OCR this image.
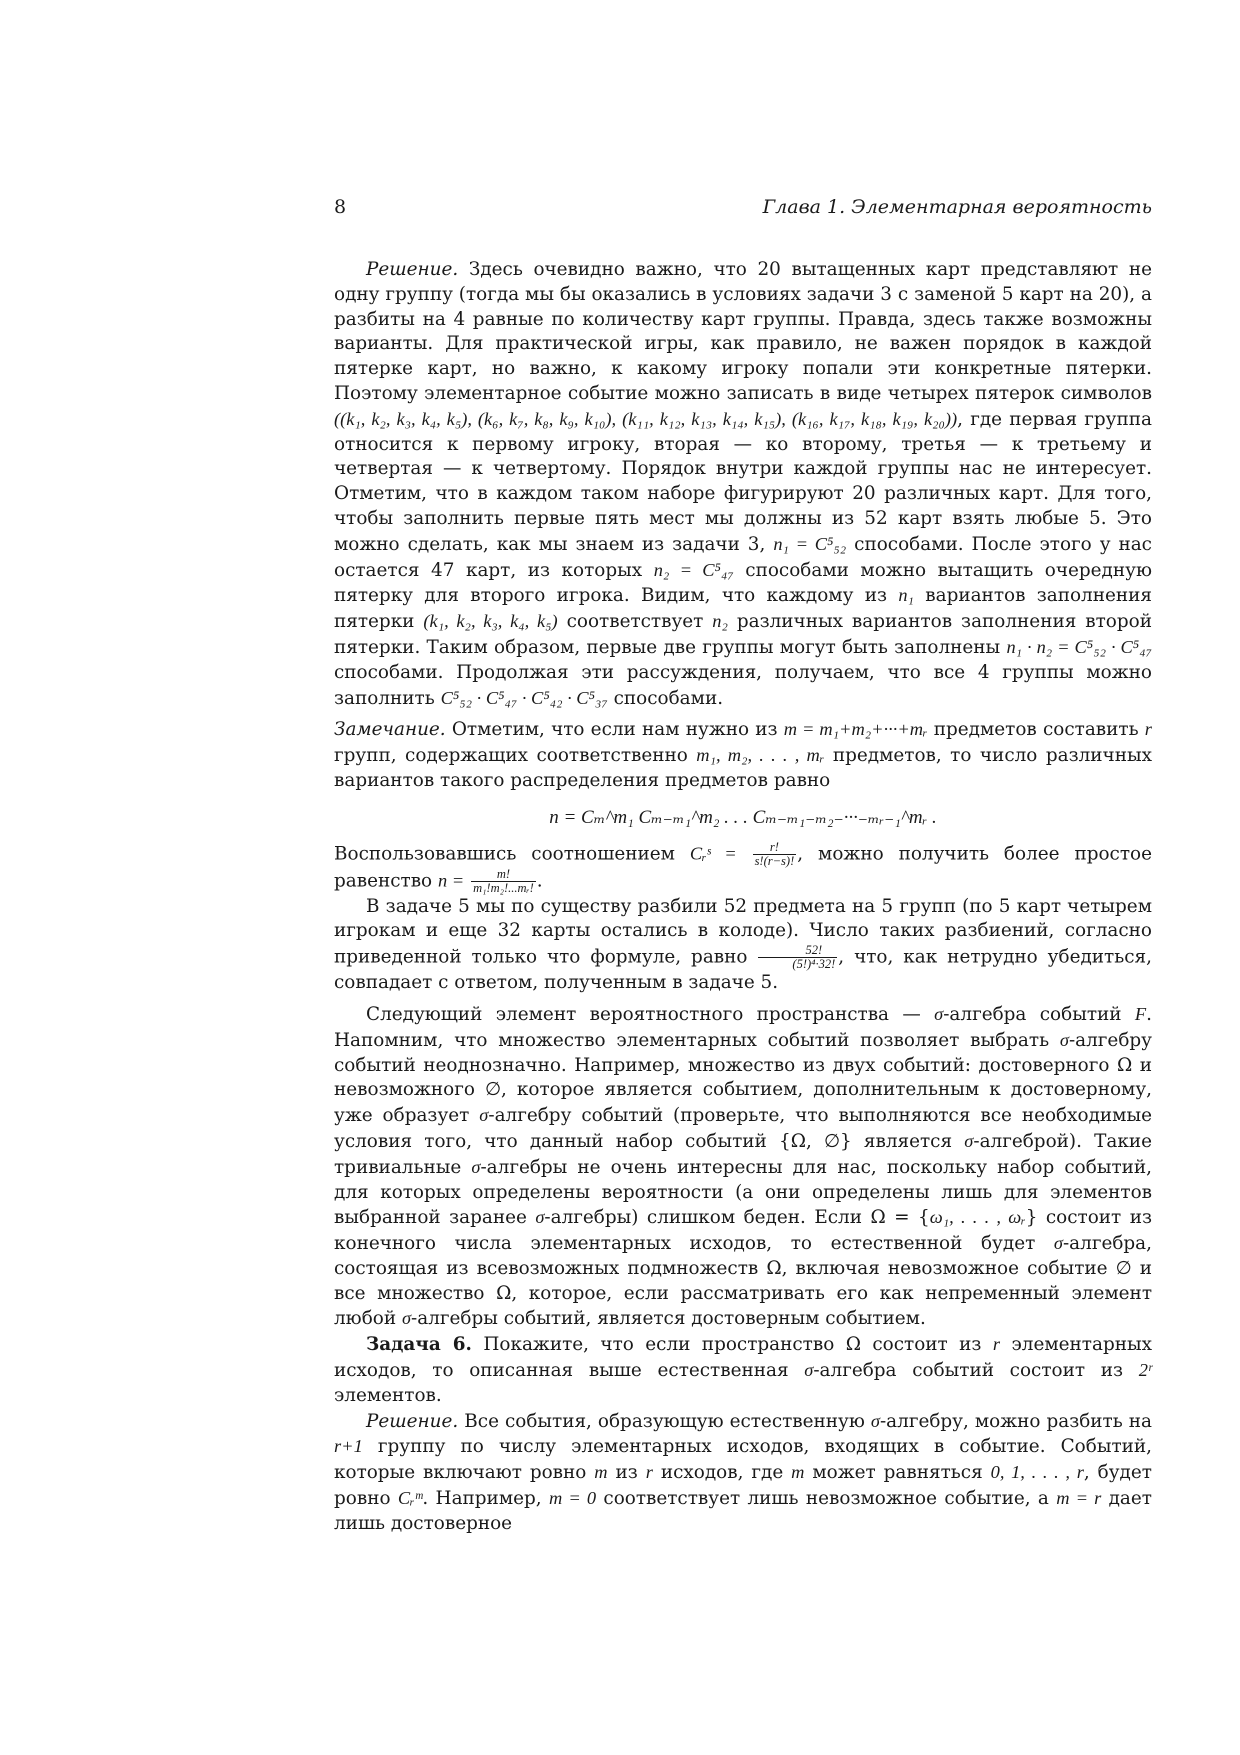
8	Глава 1. Элементарная вероятность

Решение. Здесь очевидно важно, что 20 вытащенных карт представляют не одну группу (тогда мы бы оказались в условиях задачи 3 с заменой 5 карт на 20), а разбиты на 4 равные по количеству карт группы. Правда, здесь также возможны варианты. Для практической игры, как правило, не важен порядок в каждой пятерке карт, но важно, к какому игроку попали эти конкретные пятерки. Поэтому элементарное событие можно записать в виде четырех пятерок символов ((k₁, k₂, k₃, k₄, k₅), (k₆, k₇, k₈, k₉, k₁₀), (k₁₁, k₁₂, k₁₃, k₁₄, k₁₅), (k₁₆, k₁₇, k₁₈, k₁₉, k₂₀)), где первая группа относится к первому игроку, вторая — ко второму, третья — к третьему и четвертая — к четвертому. Порядок внутри каждой группы нас не интересует. Отметим, что в каждом таком наборе фигурируют 20 различных карт. Для того, чтобы заполнить первые пять мест мы должны из 52 карт взять любые 5. Это можно сделать, как мы знаем из задачи 3, n₁ = C⁵₅₂ способами. После этого у нас остается 47 карт, из которых n₂ = C⁵₄₇ способами можно вытащить очередную пятерку для второго игрока. Видим, что каждому из n₁ вариантов заполнения пятерки (k₁, k₂, k₃, k₄, k₅) соответствует n₂ различных вариантов заполнения второй пятерки. Таким образом, первые две группы могут быть заполнены n₁ · n₂ = C⁵₅₂ · C⁵₄₇ способами. Продолжая эти рассуждения, получаем, что все 4 группы можно заполнить C⁵₅₂ · C⁵₄₇ · C⁵₄₂ · C⁵₃₇ способами.

Замечание. Отметим, что если нам нужно из m = m₁+m₂+···+mᵣ предметов составить r групп, содержащих соответственно m₁, m₂, . . . , mᵣ предметов, то число различных вариантов такого распределения предметов равно

n = Cₘ^m₁ Cₘ₋ₘ₁^m₂ . . . Cₘ₋ₘ₁₋ₘ₂₋···₋ₘᵣ₋₁^mᵣ .

Воспользовавшись соотношением Cᵣˢ = $\frac{r!}{s!(r-s)!}$ , можно получить более простое равенство $n = \frac{m!}{\text{m₁!m₂!...mᵣ!}}$ .

В задаче 5 мы по существу разбили 52 предмета на 5 групп (по 5 карт четырем игрокам и еще 32 карты остались в колоде). Число таких разбиений, согласно приведенной только что формуле, равно $\frac{52!}{\text{(5!)⁴·32!}}$ , что, как нетрудно убедиться, совпадает с ответом, полученным в задаче 5.

Следующий элемент вероятностного пространства — σ-алгебра событий F. Напомним, что множество элементарных событий позволяет выбрать σ-алгебру событий неоднозначно. Например, множество из двух событий: достоверного Ω и невозможного ∅, которое является событием, дополнительным к достоверному, уже образует σ-алгебру событий (проверьте, что выполняются все необходимые условия того, что данный набор событий {Ω, ∅} является σ-алгеброй). Такие тривиальные σ-алгебры не очень интересны для нас, поскольку набор событий, для которых определены вероятности (а они определены лишь для элементов выбранной заранее σ-алгебры) слишком беден. Если Ω = {ω₁, . . . , ωᵣ} состоит из конечного числа элементарных исходов, то естественной будет σ-алгебра, состоящая из всевозможных подмножеств Ω, включая невозможное событие ∅ и все множество Ω, которое, если рассматривать его как непременный элемент любой σ-алгебры событий, является достоверным событием.

Задача 6. Покажите, что если пространство Ω состоит из r элементарных исходов, то описанная выше естественная σ-алгебра событий состоит из 2ʳ элементов.

Решение. Все события, образующую естественную σ-алгебру, можно разбить на r+1 группу по числу элементарных исходов, входящих в событие. Событий, которые включают ровно m из r исходов, где m может равняться 0, 1, . . . , r, будет ровно Cᵣᵐ. Например, m = 0 соответствует лишь невозможное событие, а m = r дает лишь достоверное
